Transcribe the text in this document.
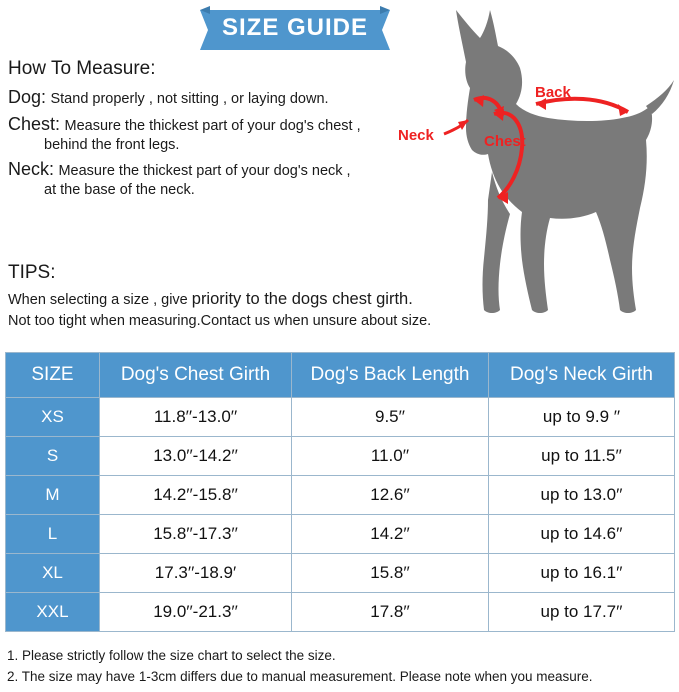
SIZE GUIDE
How To Measure:
Dog: Stand properly , not sitting , or laying down.
Chest: Measure the thickest part of your dog's chest ,
behind the front legs.
Neck: Measure the thickest part of your dog's neck ,
at the base of the neck.
TIPS:
When selecting a size , give priority to the dogs chest girth.
Not too tight when measuring.Contact us when unsure about size.
Back
Neck	Chest
SIZE	Dog's Chest Girth	Dog's Back Length	Dog's Neck Girth
XS	11.8′′-13.0′′	9.5′′	up to 9.9 ′′
S	13.0′′-14.2′′	11.0′′	up to 11.5′′
M	14.2′′-15.8′′	12.6′′	up to 13.0′′
L	15.8′′-17.3′′	14.2′′	up to 14.6′′
XL	17.3′′-18.9′	15.8′′	up to 16.1′′
XXL	19.0′′-21.3′′	17.8′′	up to 17.7′′
1. Please strictly follow the size chart to select the size.
2. The size may have 1-3cm differs due to manual measurement. Please note when you measure.
